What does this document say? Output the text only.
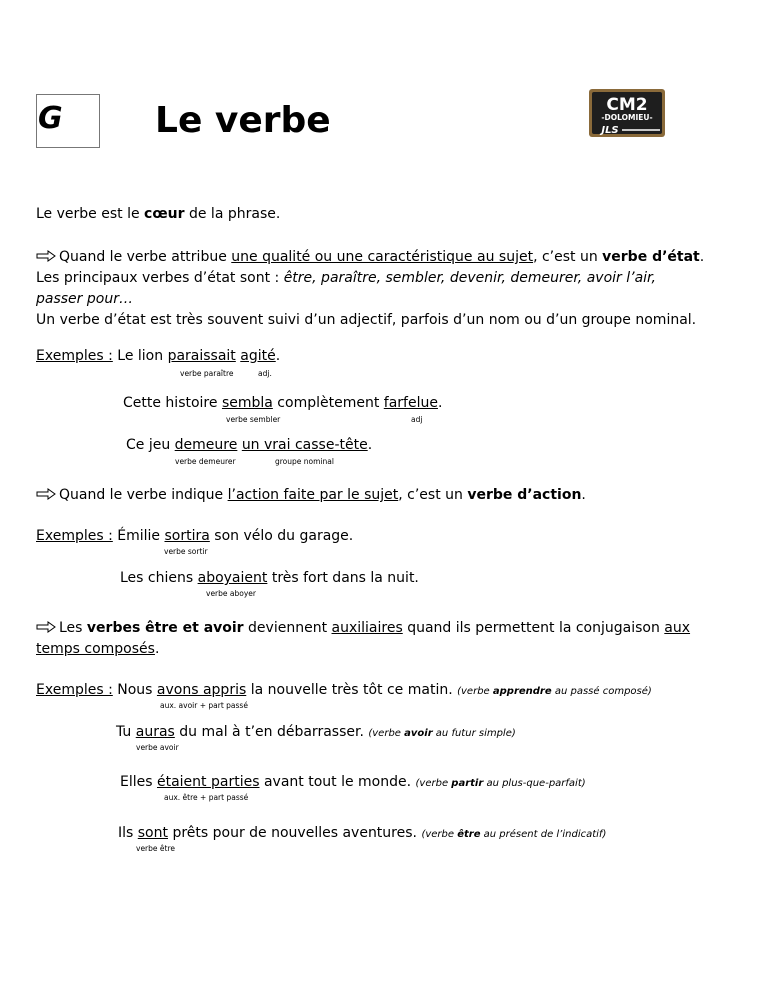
G	Le verbe	CM2
-DOLOMIEU-
JLS
Le verbe est le cœur de la phrase.
Quand le verbe attribue une qualité ou une caractéristique au sujet, c’est un verbe d’état.
Les principaux verbes d’état sont : être, paraître, sembler, devenir, demeurer, avoir l’air,
passer pour…
Un verbe d’état est très souvent suivi d’un adjectif, parfois d’un nom ou d’un groupe nominal.
Exemples : Le lion paraissait agité.
verbe paraître	adj.
Cette histoire sembla complètement farfelue.
verbe sembler	adj
Ce jeu demeure un vrai casse-tête.
verbe demeurer	groupe nominal
Quand le verbe indique l’action faite par le sujet, c’est un verbe d’action.
Exemples : Émilie sortira son vélo du garage.
verbe sortir
Les chiens aboyaient très fort dans la nuit.
verbe aboyer
Les verbes être et avoir deviennent auxiliaires quand ils permettent la conjugaison aux
temps composés.
Exemples : Nous avons appris la nouvelle très tôt ce matin. (verbe apprendre au passé composé)
aux. avoir + part passé
Tu auras du mal à t’en débarrasser. (verbe avoir au futur simple)
verbe avoir
Elles étaient parties avant tout le monde. (verbe partir au plus-que-parfait)
aux. être + part passé
Ils sont prêts pour de nouvelles aventures. (verbe être au présent de l’indicatif)
verbe être
